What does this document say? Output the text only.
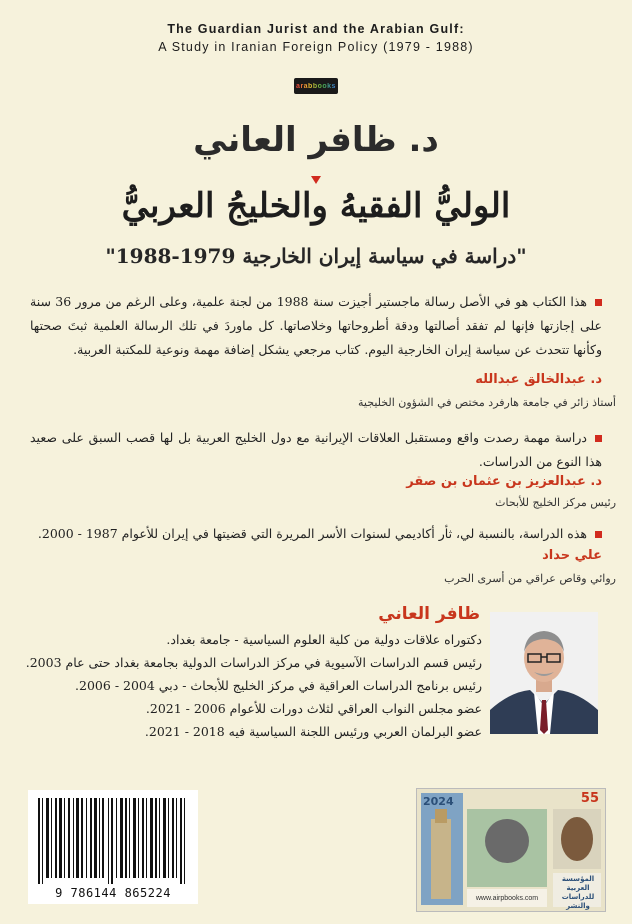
The Guardian Jurist and the Arabian Gulf:
A Study in Iranian Foreign Policy (1979 - 1988)
arabbooks
د. ظافر العاني
الوليُّ الفقيهُ والخليجُ العربيُّ
"دراسة في سياسة إيران الخارجية 1979-1988"
هذا الكتاب هو في الأصل رسالة ماجستير أجيزت سنة 1988 من لجنة علمية، وعلى الرغم من مرور 36 سنة على إجازتها فإنها لم تفقد أصالتها ودقة أطروحاتها وخلاصاتها. كل ماوردَ في تلك الرسالة العلمية ثبتَ صحتها وكأنها تتحدث عن سياسة إيران الخارجية اليوم. كتاب مرجعي يشكل إضافة مهمة ونوعية للمكتبة العربية.
د. عبدالخالق عبدالله
أستاذ زائر في جامعة هارفرد مختص في الشؤون الخليجية
دراسة مهمة رصدت واقع ومستقبل العلاقات الإيرانية مع دول الخليج العربية بل لها قصب السبق على صعيد هذا النوع من الدراسات.
د. عبدالعزيز بن عثمان بن صقر
رئيس مركز الخليج للأبحاث
هذه الدراسة، بالنسبة لي، ثأر أكاديمي لسنوات الأسر المريرة التي قضيتها في إيران للأعوام 1987 - 2000.
علي حداد
روائي وقاص عراقي من أسرى الحرب
ظافر العاني
دكتوراه علاقات دولية من كلية العلوم السياسية - جامعة بغداد.
رئيس قسم الدراسات الآسيوية في مركز الدراسات الدولية بجامعة بغداد حتى عام 2003.
رئيس برنامج الدراسات العراقية في مركز الخليج للأبحاث - دبي 2004 - 2006.
عضو مجلس النواب العراقي لثلاث دورات للأعوام 2006 - 2021.
عضو البرلمان العربي ورئيس اللجنة السياسية فيه 2018 - 2021.
9 786144 865224
2024	55
المؤسسة العربية للدراسات والنشر
www.airpbooks.com
